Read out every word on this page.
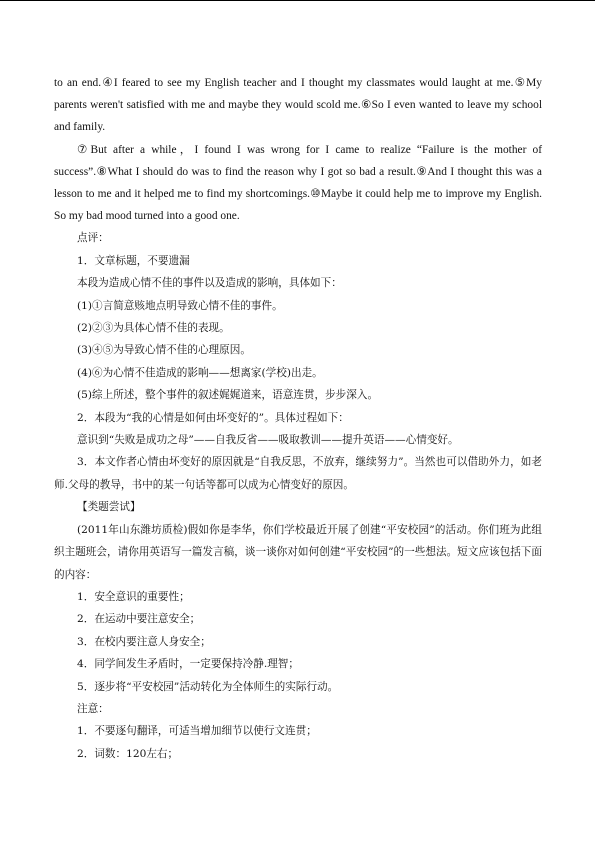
to an end.④I feared to see my English teacher and I thought my classmates would laught at me.⑤My parents weren't satisfied with me and maybe they would scold me.⑥So I even wanted to leave my school and family.

⑦But after a while，I found I was wrong for I came to realize “Failure is the mother of success”.⑧What I should do was to find the reason why I got so bad a result.⑨And I thought this was a lesson to me and it helped me to find my shortcomings.⑩Maybe it could help me to improve my English. So my bad mood turned into a good one.

点评：

1．文章标题，不要遗漏

本段为造成心情不佳的事件以及造成的影响，具体如下：

(1)①言简意赅地点明导致心情不佳的事件。

(2)②③为具体心情不佳的表现。

(3)④⑤为导致心情不佳的心理原因。

(4)⑥为心情不佳造成的影响——想离家(学校)出走。

(5)综上所述，整个事件的叙述娓娓道来，语意连贯，步步深入。

2．本段为“我的心情是如何由坏变好的”。具体过程如下：

意识到“失败是成功之母”——自我反省——吸取教训——提升英语——心情变好。

3．本文作者心情由坏变好的原因就是“自我反思，不放弃，继续努力”。当然也可以借助外力，如老师.父母的教导，书中的某一句话等都可以成为心情变好的原因。

【类题尝试】

(2011年山东潍坊质检)假如你是李华，你们学校最近开展了创建“平安校园”的活动。你们班为此组织主题班会，请你用英语写一篇发言稿，谈一谈你对如何创建“平安校园”的一些想法。短文应该包括下面的内容：

1．安全意识的重要性；

2．在运动中要注意安全；

3．在校内要注意人身安全；

4．同学间发生矛盾时，一定要保持冷静.理智；

5．逐步将“平安校园”活动转化为全体师生的实际行动。

注意：

1．不要逐句翻译，可适当增加细节以使行文连贯；

2．词数：120左右；
